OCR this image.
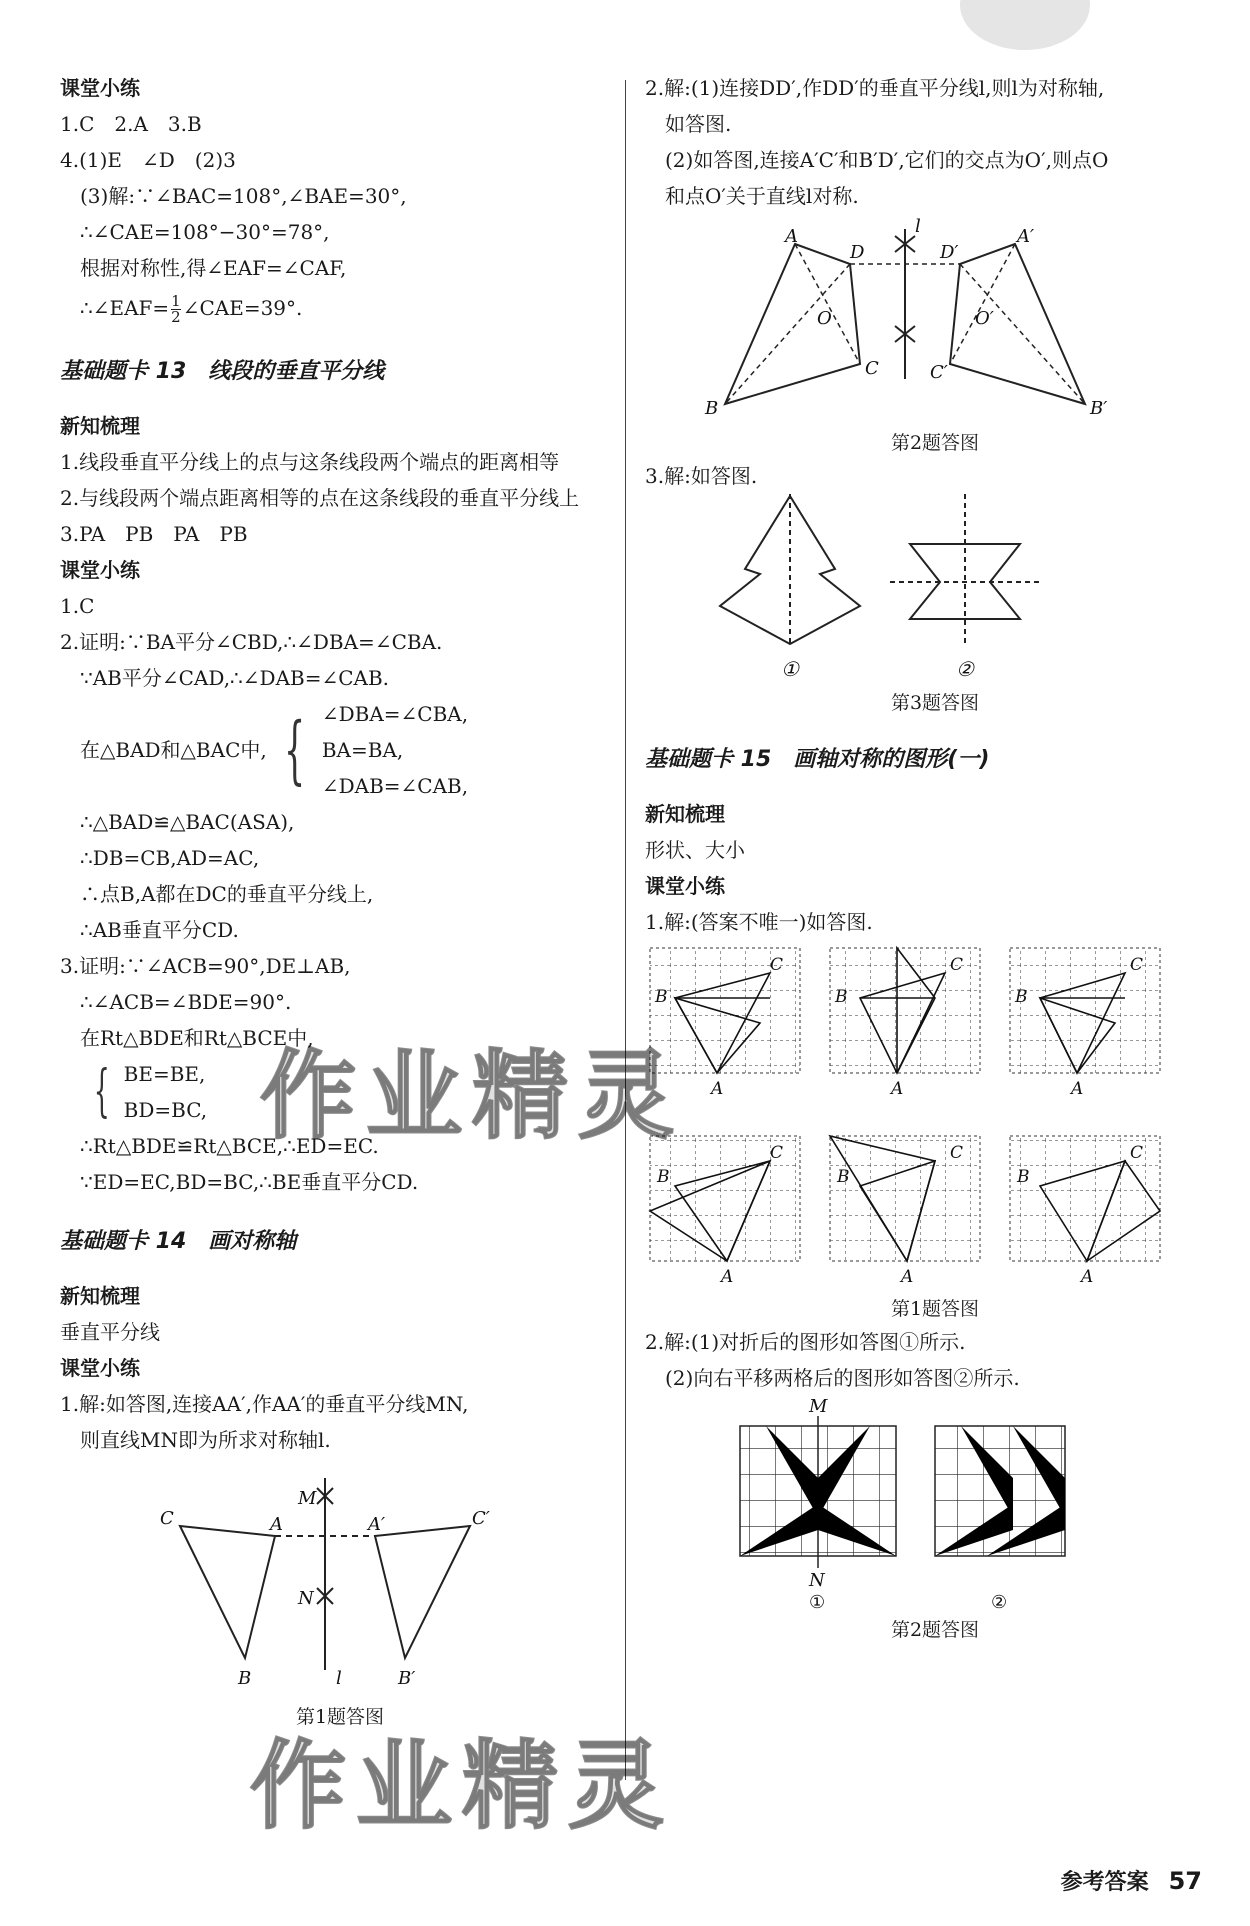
课堂小练
1.C　2.A　3.B
4.(1)E　∠D　(2)3
(3)解:∵∠BAC=108°,∠BAE=30°,
∴∠CAE=108°−30°=78°,
根据对称性,得∠EAF=∠CAF,
∴∠EAF= $\frac{1}{2}$ ∠CAE=39°.
基础题卡 13　线段的垂直平分线
新知梳理
1.线段垂直平分线上的点与这条线段两个端点的距离相等
2.与线段两个端点距离相等的点在这条线段的垂直平分线上
3.PA　PB　PA　PB
课堂小练
1.C
2.证明:∵BA平分∠CBD,∴∠DBA=∠CBA.
∵AB平分∠CAD,∴∠DAB=∠CAB.
在△BAD和△BAC中, { ∠DBA=∠CBA,
BA=BA,
∠DAB=∠CAB,
∴△BAD≌△BAC(ASA),
∴DB=CB,AD=AC,
∴点B,A都在DC的垂直平分线上,
∴AB垂直平分CD.
3.证明:∵∠ACB=90°,DE⊥AB,
∴∠ACB=∠BDE=90°.
在Rt△BDE和Rt△BCE中,
{ BE=BE,
BD=BC,
∴Rt△BDE≌Rt△BCE,∴ED=EC.
∵ED=EC,BD=BC,∴BE垂直平分CD.
基础题卡 14　画对称轴
新知梳理
垂直平分线
课堂小练
1.解:如答图,连接AA′,作AA′的垂直平分线MN,
则直线MN即为所求对称轴l.
C	A
B
C′
A′
B′
M
N
l
第1题答图
2.解:(1)连接DD′,作DD′的垂直平分线l,则l为对称轴,
如答图.
(2)如答图,连接A′C′和B′D′,它们的交点为O′,则点O
和点O′关于直线l对称.
A
D
C
B
O
A′
D′
C′
B′
O′
l
第2题答图
3.解:如答图.
①	②
第3题答图
基础题卡 15　画轴对称的图形(一)
新知梳理
形状、大小
课堂小练
1.解:(答案不唯一)如答图.
C
B
A
C
B
A
C
B
A
C
B
A
C
B
A
C
B
A
第1题答图
2.解:(1)对折后的图形如答图①所示.
(2)向右平移两格后的图形如答图②所示.
M
N
①	②
第2题答图
作业精灵
作业精灵
参考答案 57
